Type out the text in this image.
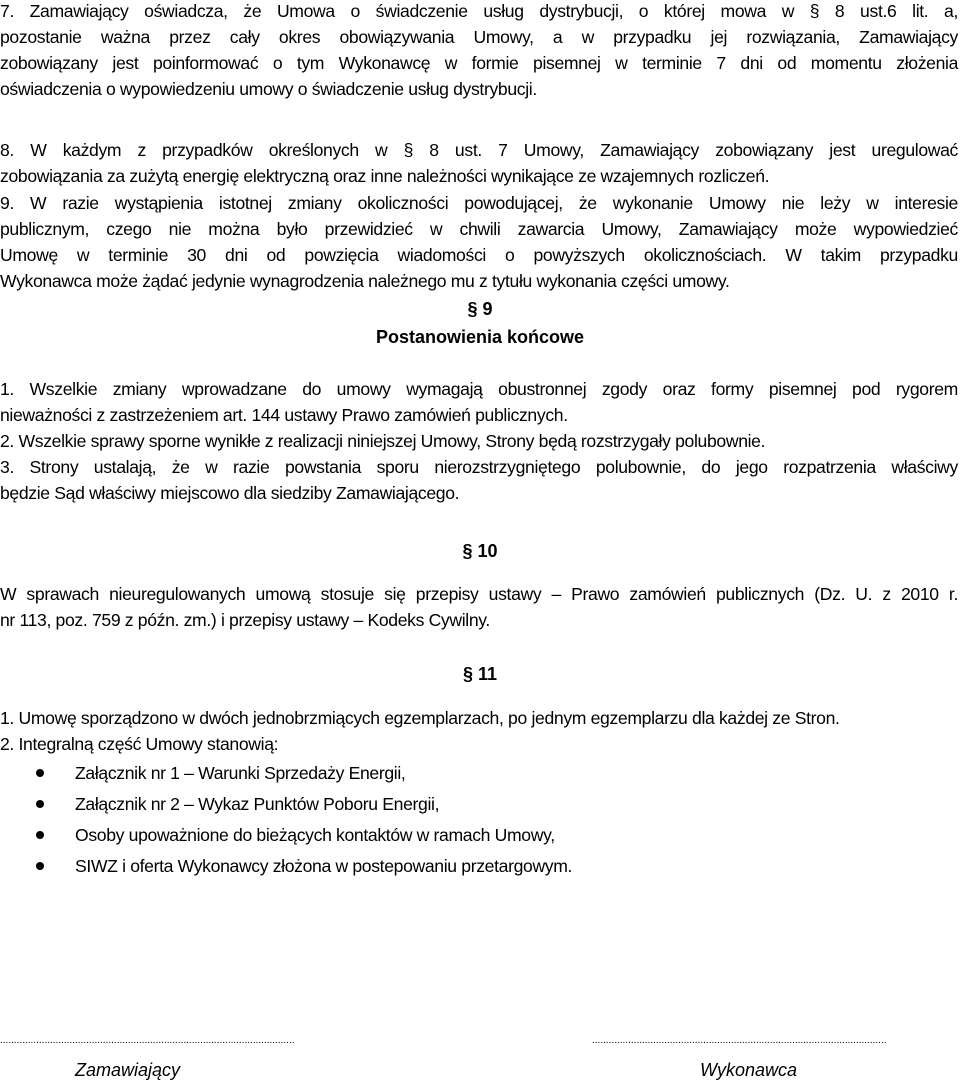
7. Zamawiający oświadcza, że Umowa o świadczenie usług dystrybucji, o której mowa w § 8 ust.6 lit. a,
pozostanie ważna przez cały okres obowiązywania Umowy, a w przypadku jej rozwiązania, Zamawiający
zobowiązany jest poinformować o tym Wykonawcę w formie pisemnej w terminie 7 dni od momentu złożenia
oświadczenia o wypowiedzeniu umowy o świadczenie usług dystrybucji.
8. W każdym z przypadków określonych w § 8 ust. 7 Umowy, Zamawiający zobowiązany jest uregulować
zobowiązania za zużytą energię elektryczną oraz inne należności wynikające ze wzajemnych rozliczeń.
9. W razie wystąpienia istotnej zmiany okoliczności powodującej, że wykonanie Umowy nie leży w interesie
publicznym, czego nie można było przewidzieć w chwili zawarcia Umowy, Zamawiający może wypowiedzieć
Umowę w terminie 30 dni od powzięcia wiadomości o powyższych okolicznościach. W takim przypadku
Wykonawca może żądać jedynie wynagrodzenia należnego mu z tytułu wykonania części umowy.
§ 9
Postanowienia końcowe
1. Wszelkie zmiany wprowadzane do umowy wymagają obustronnej zgody oraz formy pisemnej pod rygorem
nieważności z zastrzeżeniem art. 144 ustawy Prawo zamówień publicznych.
2. Wszelkie sprawy sporne wynikłe z realizacji niniejszej Umowy, Strony będą rozstrzygały polubownie.
3. Strony ustalają, że w razie powstania sporu nierozstrzygniętego polubownie, do jego rozpatrzenia właściwy
będzie Sąd właściwy miejscowo dla siedziby Zamawiającego.
§ 10
W sprawach nieuregulowanych umową stosuje się przepisy ustawy – Prawo zamówień publicznych (Dz. U. z 2010 r.
nr 113, poz. 759 z późn. zm.) i przepisy ustawy – Kodeks Cywilny.
§ 11
1. Umowę sporządzono w dwóch jednobrzmiących egzemplarzach, po jednym egzemplarzu dla każdej ze Stron.
2. Integralną część Umowy stanowią:
Załącznik nr 1 – Warunki Sprzedaży Energii,
Załącznik nr 2 – Wykaz Punktów Poboru Energii,
Osoby upoważnione do bieżących kontaktów w ramach Umowy,
SIWZ i oferta Wykonawcy złożona w postepowaniu przetargowym.
..........................................................................................................	..........................................................................................................
Zamawiający	Wykonawca
